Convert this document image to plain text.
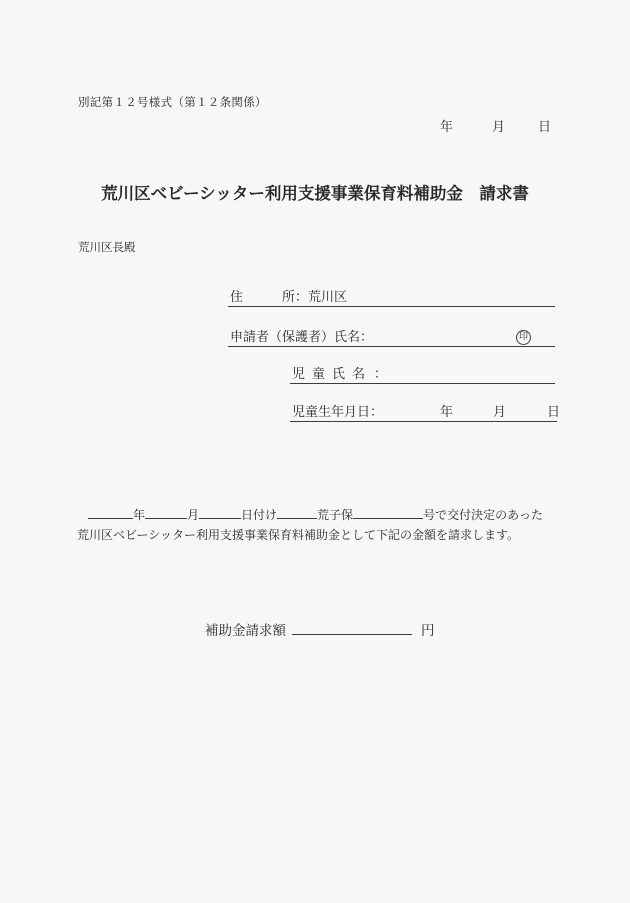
別記第１２号様式（第１２条関係）
年	月	日
荒川区ベビーシッター利用支援事業保育料補助金　請求書
荒川区長殿
住　　　所：荒川区
申請者（保護者）氏名：	印
児童氏名 ：
児童生年月日：	年	月	日
年	月	日付け	荒子保	号で交付決定のあった
荒川区ベビーシッター利用支援事業保育料補助金として下記の金額を請求します。
補助金請求額	円
